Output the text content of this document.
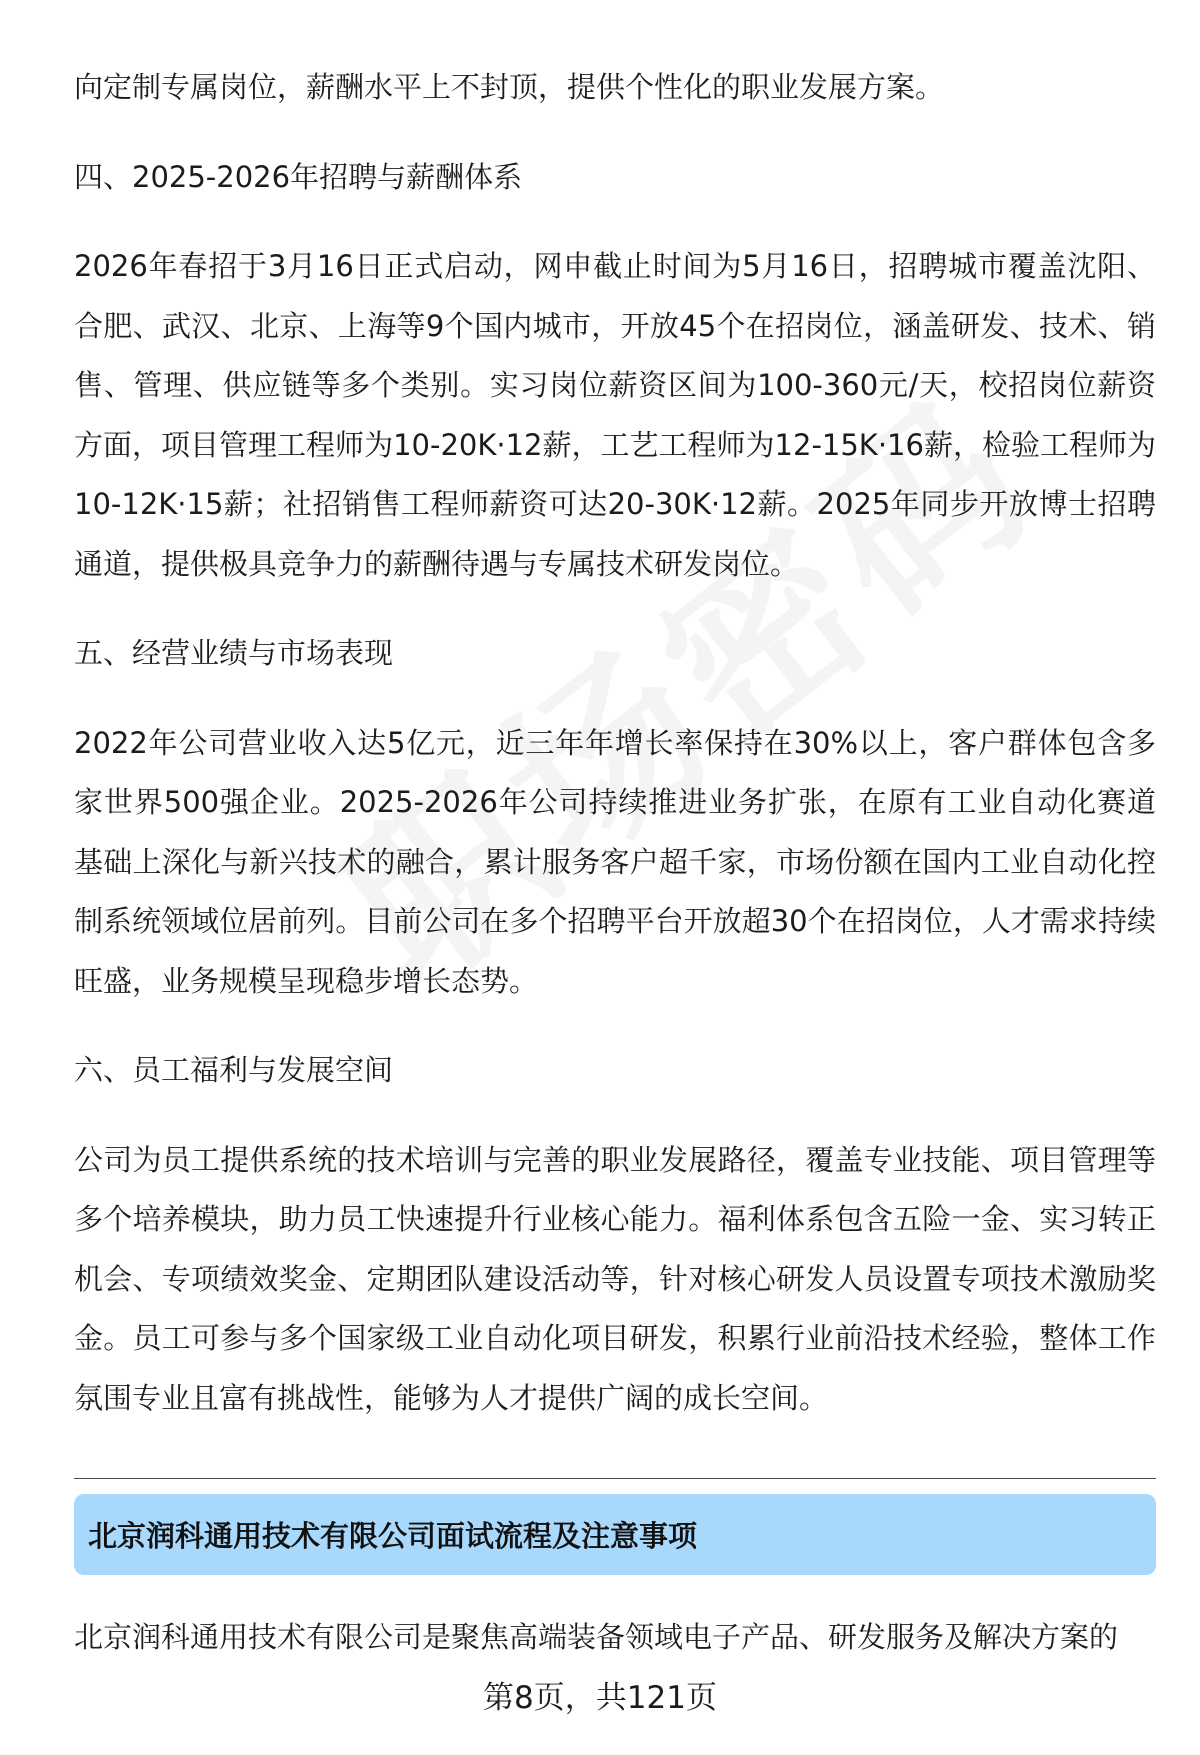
向定制专属岗位，薪酬水平上不封顶，提供个性化的职业发展方案。

四、2025-2026年招聘与薪酬体系

2026年春招于3月16日正式启动，网申截止时间为5月16日，招聘城市覆盖沈阳、合肥、武汉、北京、上海等9个国内城市，开放45个在招岗位，涵盖研发、技术、销售、管理、供应链等多个类别。实习岗位薪资区间为100-360元/天，校招岗位薪资方面，项目管理工程师为10-20K·12薪，工艺工程师为12-15K·16薪，检验工程师为10-12K·15薪；社招销售工程师薪资可达20-30K·12薪。2025年同步开放博士招聘通道，提供极具竞争力的薪酬待遇与专属技术研发岗位。

五、经营业绩与市场表现

2022年公司营业收入达5亿元，近三年年增长率保持在30%以上，客户群体包含多家世界500强企业。2025-2026年公司持续推进业务扩张，在原有工业自动化赛道基础上深化与新兴技术的融合，累计服务客户超千家，市场份额在国内工业自动化控制系统领域位居前列。目前公司在多个招聘平台开放超30个在招岗位，人才需求持续旺盛，业务规模呈现稳步增长态势。

六、员工福利与发展空间

公司为员工提供系统的技术培训与完善的职业发展路径，覆盖专业技能、项目管理等多个培养模块，助力员工快速提升行业核心能力。福利体系包含五险一金、实习转正机会、专项绩效奖金、定期团队建设活动等，针对核心研发人员设置专项技术激励奖金。员工可参与多个国家级工业自动化项目研发，积累行业前沿技术经验，整体工作氛围专业且富有挑战性，能够为人才提供广阔的成长空间。

北京润科通用技术有限公司面试流程及注意事项

北京润科通用技术有限公司是聚焦高端装备领域电子产品、研发服务及解决方案的

第8页，共121页
